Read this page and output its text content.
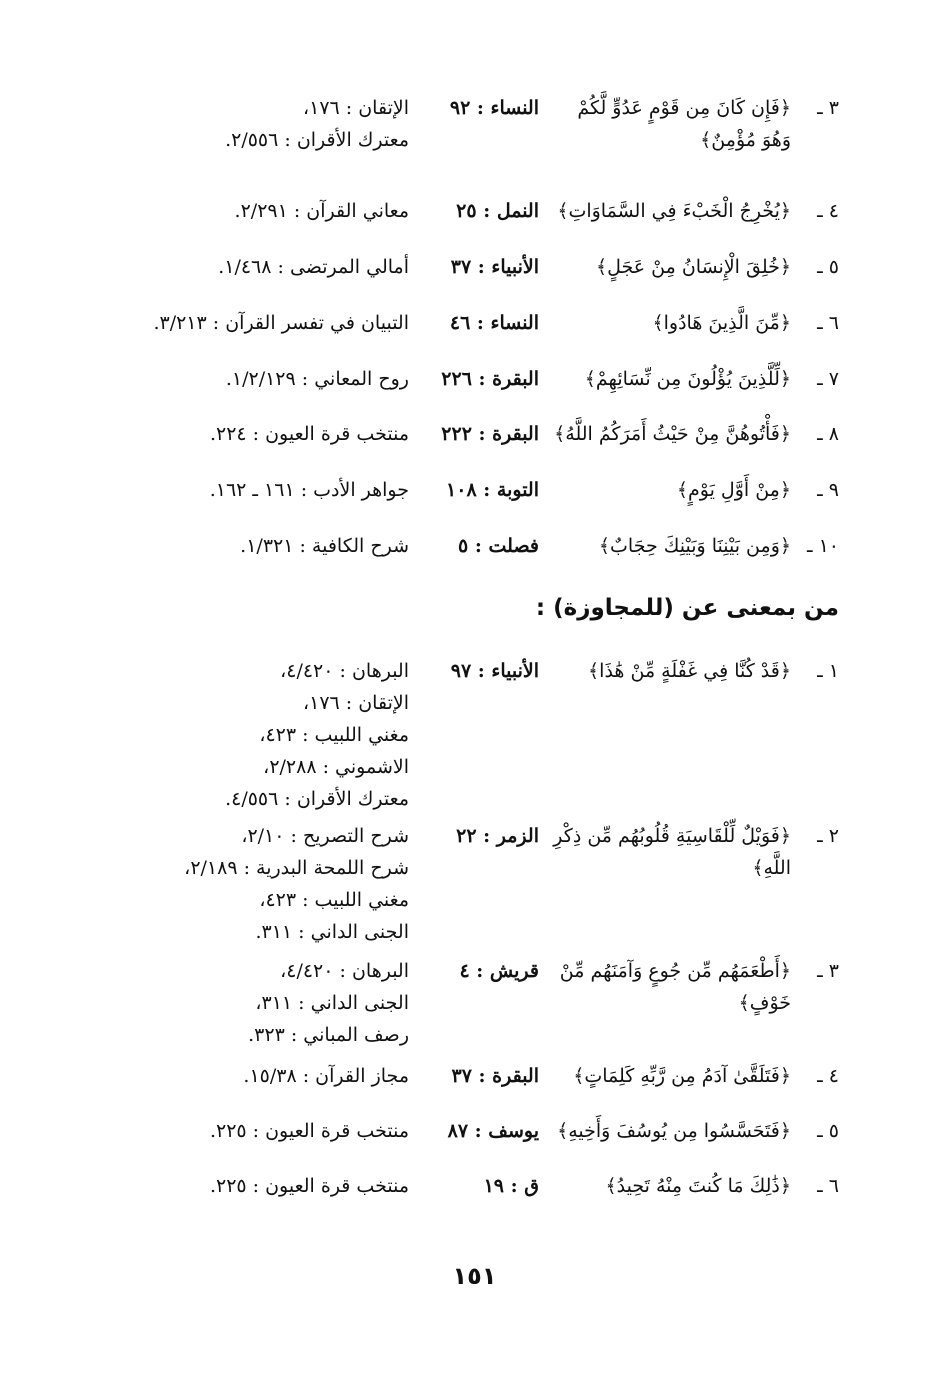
٣ ـ
﴿فَإِن كَانَ مِن قَوْمٍ عَدُوٍّ لَّكُمْ وَهُوَ مُؤْمِنٌ﴾
النساء : ٩٢
الإتقان : ١٧٦،
معترك الأقران : ٢/٥٥٦.
٤ ـ
﴿يُخْرِجُ الْخَبْءَ فِي السَّمَاوَاتِ﴾
النمل : ٢٥
معاني القرآن : ٢/٢٩١.
٥ ـ
﴿خُلِقَ الْإِنسَانُ مِنْ عَجَلٍ﴾
الأنبياء : ٣٧
أمالي المرتضى : ١/٤٦٨.
٦ ـ
﴿مِّنَ الَّذِينَ هَادُوا﴾
النساء : ٤٦
التبيان في تفسر القرآن : ٣/٢١٣.
٧ ـ
﴿لِّلَّذِينَ يُؤْلُونَ مِن نِّسَائِهِمْ﴾
البقرة : ٢٢٦
روح المعاني : ١/٢/١٢٩.
٨ ـ
﴿فَأْتُوهُنَّ مِنْ حَيْثُ أَمَرَكُمُ اللَّهُ﴾
البقرة : ٢٢٢
منتخب قرة العيون : ٢٢٤.
٩ ـ
﴿مِنْ أَوَّلِ يَوْمٍ﴾
التوبة : ١٠٨
جواهر الأدب : ١٦١ ـ ١٦٢.
١٠ ـ
﴿وَمِن بَيْنِنَا وَبَيْنِكَ حِجَابٌ﴾
فصلت : ٥
شرح الكافية : ١/٣٢١.
من بمعنى عن (للمجاوزة) :
١ ـ
﴿قَدْ كُنَّا فِي غَفْلَةٍ مِّنْ هَٰذَا﴾
الأنبياء : ٩٧
البرهان : ٤/٤٢٠،
الإتقان : ١٧٦،
مغني اللبيب : ٤٢٣،
الاشموني : ٢/٢٨٨،
معترك الأقران : ٤/٥٥٦.
٢ ـ
﴿فَوَيْلٌ لِّلْقَاسِيَةِ قُلُوبُهُم مِّن ذِكْرِ اللَّهِ﴾
الزمر : ٢٢
شرح التصريح : ٢/١٠،
شرح اللمحة البدرية : ٢/١٨٩،
مغني اللبيب : ٤٢٣،
الجنى الداني : ٣١١.
٣ ـ
﴿أَطْعَمَهُم مِّن جُوعٍ وَآمَنَهُم مِّنْ خَوْفٍ﴾
قريش : ٤
البرهان : ٤/٤٢٠،
الجنى الداني : ٣١١،
رصف المباني : ٣٢٣.
٤ ـ
﴿فَتَلَقَّىٰ آدَمُ مِن رَّبِّهِ كَلِمَاتٍ﴾
البقرة : ٣٧
مجاز القرآن : ١٥/٣٨.
٥ ـ
﴿فَتَحَسَّسُوا مِن يُوسُفَ وَأَخِيهِ﴾
يوسف : ٨٧
منتخب قرة العيون : ٢٢٥.
٦ ـ
﴿ذَٰلِكَ مَا كُنتَ مِنْهُ تَحِيدُ﴾
ق : ١٩
منتخب قرة العيون : ٢٢٥.
١٥١
